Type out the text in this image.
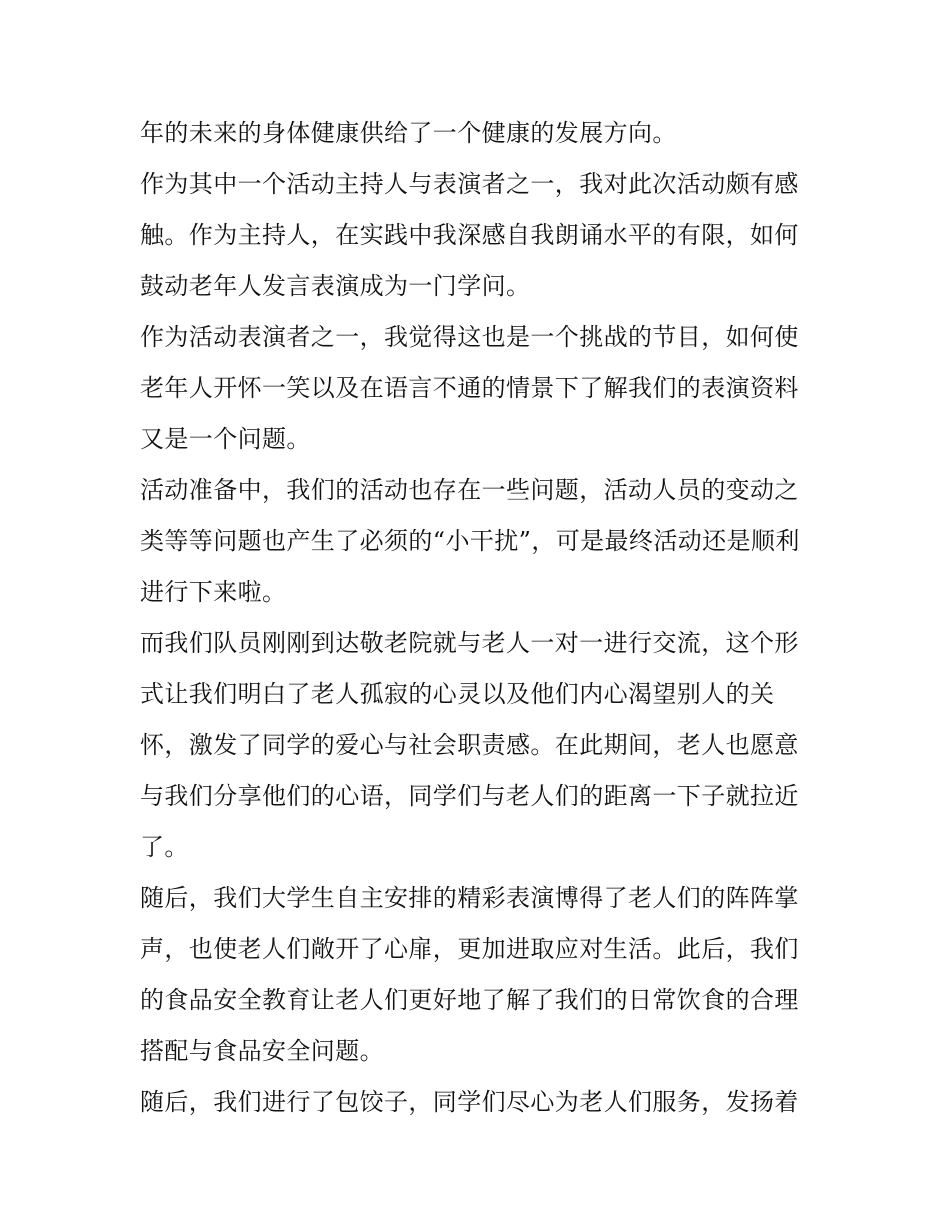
年的未来的身体健康供给了一个健康的发展方向。
作为其中一个活动主持人与表演者之一，我对此次活动颇有感
触。作为主持人，在实践中我深感自我朗诵水平的有限，如何
鼓动老年人发言表演成为一门学问。
作为活动表演者之一，我觉得这也是一个挑战的节目，如何使
老年人开怀一笑以及在语言不通的情景下了解我们的表演资料
又是一个问题。
活动准备中，我们的活动也存在一些问题，活动人员的变动之
类等等问题也产生了必须的“小干扰”，可是最终活动还是顺利
进行下来啦。
而我们队员刚刚到达敬老院就与老人一对一进行交流，这个形
式让我们明白了老人孤寂的心灵以及他们内心渴望别人的关
怀，激发了同学的爱心与社会职责感。在此期间，老人也愿意
与我们分享他们的心语，同学们与老人们的距离一下子就拉近
了。
随后，我们大学生自主安排的精彩表演博得了老人们的阵阵掌
声，也使老人们敞开了心扉，更加进取应对生活。此后，我们
的食品安全教育让老人们更好地了解了我们的日常饮食的合理
搭配与食品安全问题。
随后，我们进行了包饺子，同学们尽心为老人们服务，发扬着
